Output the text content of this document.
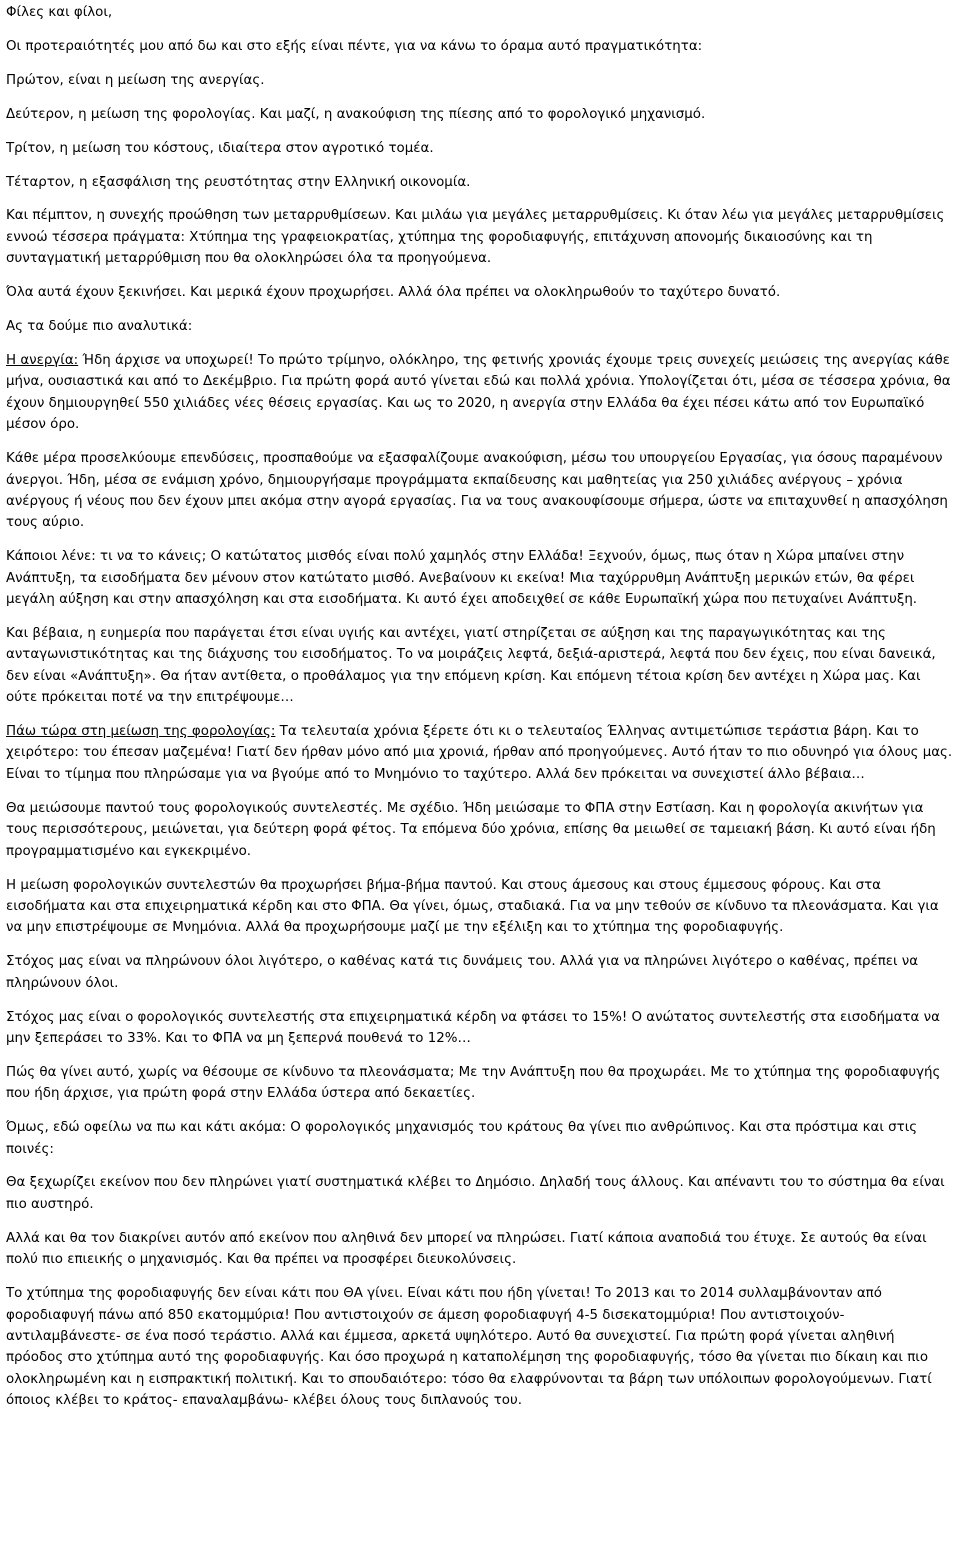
Φίλες και φίλοι,

Οι προτεραιότητές μου από δω και στο εξής είναι πέντε, για να κάνω το όραμα αυτό πραγματικότητα:

Πρώτον, είναι η μείωση της ανεργίας.

Δεύτερον, η μείωση της φορολογίας. Και μαζί, η ανακούφιση της πίεσης από το φορολογικό μηχανισμό.

Τρίτον, η μείωση του κόστους, ιδιαίτερα στον αγροτικό τομέα.

Τέταρτον, η εξασφάλιση της ρευστότητας στην Ελληνική οικονομία.

Και πέμπτον, η συνεχής προώθηση των μεταρρυθμίσεων. Και μιλάω για μεγάλες μεταρρυθμίσεις. Κι όταν λέω για μεγάλες μεταρρυθμίσεις εννοώ τέσσερα πράγματα: Χτύπημα της γραφειοκρατίας, χτύπημα της φοροδιαφυγής, επιτάχυνση απονομής δικαιοσύνης και τη συνταγματική μεταρρύθμιση που θα ολοκληρώσει όλα τα προηγούμενα.

Όλα αυτά έχουν ξεκινήσει. Και μερικά έχουν προχωρήσει. Αλλά όλα πρέπει να ολοκληρωθούν το ταχύτερο δυνατό.

Ας τα δούμε πιο αναλυτικά:

Η ανεργία: Ήδη άρχισε να υποχωρεί! Το πρώτο τρίμηνο, ολόκληρο, της φετινής χρονιάς έχουμε τρεις συνεχείς μειώσεις της ανεργίας κάθε μήνα, ουσιαστικά και από το Δεκέμβριο. Για πρώτη φορά αυτό γίνεται εδώ και πολλά χρόνια. Υπολογίζεται ότι, μέσα σε τέσσερα χρόνια, θα έχουν δημιουργηθεί 550 χιλιάδες νέες θέσεις εργασίας. Και ως το 2020, η ανεργία στην Ελλάδα θα έχει πέσει κάτω από τον Ευρωπαϊκό μέσον όρο.

Κάθε μέρα προσελκύουμε επενδύσεις, προσπαθούμε να εξασφαλίζουμε ανακούφιση, μέσω του υπουργείου Εργασίας, για όσους παραμένουν άνεργοι. Ήδη, μέσα σε ενάμιση χρόνο, δημιουργήσαμε προγράμματα εκπαίδευσης και μαθητείας για 250 χιλιάδες ανέργους – χρόνια ανέργους ή νέους που δεν έχουν μπει ακόμα στην αγορά εργασίας. Για να τους ανακουφίσουμε σήμερα, ώστε να επιταχυνθεί η απασχόληση τους αύριο.

Κάποιοι λένε: τι να το κάνεις; Ο κατώτατος μισθός είναι πολύ χαμηλός στην Ελλάδα! Ξεχνούν, όμως, πως όταν η Χώρα μπαίνει στην Ανάπτυξη, τα εισοδήματα δεν μένουν στον κατώτατο μισθό. Ανεβαίνουν κι εκείνα! Μια ταχύρρυθμη Ανάπτυξη μερικών ετών, θα φέρει μεγάλη αύξηση και στην απασχόληση και στα εισοδήματα. Κι αυτό έχει αποδειχθεί σε κάθε Ευρωπαϊκή χώρα που πετυχαίνει Ανάπτυξη.

Και βέβαια, η ευημερία που παράγεται έτσι είναι υγιής και αντέχει, γιατί στηρίζεται σε αύξηση και της παραγωγικότητας και της ανταγωνιστικότητας και της διάχυσης του εισοδήματος. Το να μοιράζεις λεφτά, δεξιά-αριστερά, λεφτά που δεν έχεις, που είναι δανεικά, δεν είναι «Ανάπτυξη». Θα ήταν αντίθετα, ο προθάλαμος για την επόμενη κρίση. Και επόμενη τέτοια κρίση δεν αντέχει η Χώρα μας. Και ούτε πρόκειται ποτέ να την επιτρέψουμε…

Πάω τώρα στη μείωση της φορολογίας: Τα τελευταία χρόνια ξέρετε ότι κι ο τελευταίος Έλληνας αντιμετώπισε τεράστια βάρη. Και το χειρότερο: του έπεσαν μαζεμένα! Γιατί δεν ήρθαν μόνο από μια χρονιά, ήρθαν από προηγούμενες. Αυτό ήταν το πιο οδυνηρό για όλους μας. Είναι το τίμημα που πληρώσαμε για να βγούμε από το Μνημόνιο το ταχύτερο. Αλλά δεν πρόκειται να συνεχιστεί άλλο βέβαια…

Θα μειώσουμε παντού τους φορολογικούς συντελεστές. Με σχέδιο. Ήδη μειώσαμε το ΦΠΑ στην Εστίαση. Και η φορολογία ακινήτων για τους περισσότερους, μειώνεται, για δεύτερη φορά φέτος. Τα επόμενα δύο χρόνια, επίσης θα μειωθεί σε ταμειακή βάση. Κι αυτό είναι ήδη προγραμματισμένο και εγκεκριμένο.

Η μείωση φορολογικών συντελεστών θα προχωρήσει βήμα-βήμα παντού. Και στους άμεσους και στους έμμεσους φόρους. Και στα εισοδήματα και στα επιχειρηματικά κέρδη και στο ΦΠΑ. Θα γίνει, όμως, σταδιακά. Για να μην τεθούν σε κίνδυνο τα πλεονάσματα. Και για να μην επιστρέψουμε σε Μνημόνια. Αλλά θα προχωρήσουμε μαζί με την εξέλιξη και το χτύπημα της φοροδιαφυγής.

Στόχος μας είναι να πληρώνουν όλοι λιγότερο, ο καθένας κατά τις δυνάμεις του. Αλλά για να πληρώνει λιγότερο ο καθένας, πρέπει να πληρώνουν όλοι.

Στόχος μας είναι ο φορολογικός συντελεστής στα επιχειρηματικά κέρδη να φτάσει το 15%! Ο ανώτατος συντελεστής στα εισοδήματα να μην ξεπεράσει το 33%. Και το ΦΠΑ να μη ξεπερνά πουθενά το 12%…

Πώς θα γίνει αυτό, χωρίς να θέσουμε σε κίνδυνο τα πλεονάσματα; Με την Ανάπτυξη που θα προχωράει. Με το χτύπημα της φοροδιαφυγής που ήδη άρχισε, για πρώτη φορά στην Ελλάδα ύστερα από δεκαετίες.

Όμως, εδώ οφείλω να πω και κάτι ακόμα: Ο φορολογικός μηχανισμός του κράτους θα γίνει πιο ανθρώπινος. Και στα πρόστιμα και στις ποινές:

Θα ξεχωρίζει εκείνον που δεν πληρώνει γιατί συστηματικά κλέβει το Δημόσιο. Δηλαδή τους άλλους. Και απέναντι του το σύστημα θα είναι πιο αυστηρό.

Αλλά και θα τον διακρίνει αυτόν από εκείνον που αληθινά δεν μπορεί να πληρώσει. Γιατί κάποια αναποδιά του έτυχε. Σε αυτούς θα είναι πολύ πιο επιεικής ο μηχανισμός. Και θα πρέπει να προσφέρει διευκολύνσεις.

Το χτύπημα της φοροδιαφυγής δεν είναι κάτι που ΘΑ γίνει. Είναι κάτι που ήδη γίνεται! Το 2013 και το 2014 συλλαμβάνονταν από φοροδιαφυγή πάνω από 850 εκατομμύρια! Που αντιστοιχούν σε άμεση φοροδιαφυγή 4-5 δισεκατομμύρια! Που αντιστοιχούν- αντιλαμβάνεστε- σε ένα ποσό τεράστιο. Αλλά και έμμεσα, αρκετά υψηλότερο. Αυτό θα συνεχιστεί. Για πρώτη φορά γίνεται αληθινή πρόοδος στο χτύπημα αυτό της φοροδιαφυγής. Και όσο προχωρά η καταπολέμηση της φοροδιαφυγής, τόσο θα γίνεται πιο δίκαιη και πιο ολοκληρωμένη και η εισπρακτική πολιτική. Και το σπουδαιότερο: τόσο θα ελαφρύνονται τα βάρη των υπόλοιπων φορολογούμενων. Γιατί όποιος κλέβει το κράτος- επαναλαμβάνω- κλέβει όλους τους διπλανούς του.
